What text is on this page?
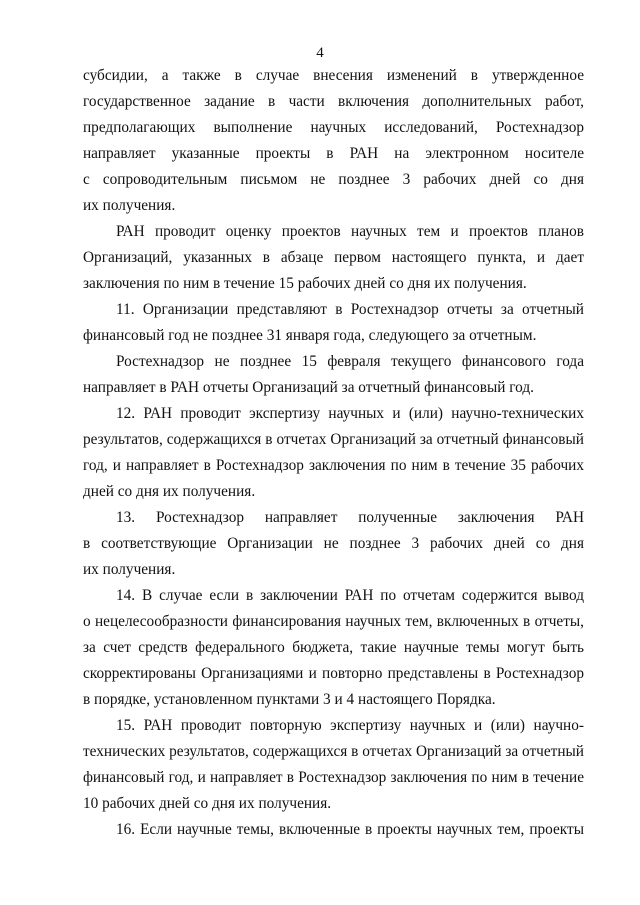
4

субсидии, а также в случае внесения изменений в утвержденное
государственное задание в части включения дополнительных работ,
предполагающих выполнение научных исследований, Ростехнадзор
направляет указанные проекты в РАН на электронном носителе
с сопроводительным письмом не позднее 3 рабочих дней со дня
их получения.

РАН проводит оценку проектов научных тем и проектов планов
Организаций, указанных в абзаце первом настоящего пункта, и дает
заключения по ним в течение 15 рабочих дней со дня их получения.

11. Организации представляют в Ростехнадзор отчеты за отчетный
финансовый год не позднее 31 января года, следующего за отчетным.

Ростехнадзор не позднее 15 февраля текущего финансового года
направляет в РАН отчеты Организаций за отчетный финансовый год.

12. РАН проводит экспертизу научных и (или) научно-технических
результатов, содержащихся в отчетах Организаций за отчетный финансовый
год, и направляет в Ростехнадзор заключения по ним в течение 35 рабочих
дней со дня их получения.

13. Ростехнадзор направляет полученные заключения РАН
в соответствующие Организации не позднее 3 рабочих дней со дня
их получения.

14. В случае если в заключении РАН по отчетам содержится вывод
о нецелесообразности финансирования научных тем, включенных в отчеты,
за счет средств федерального бюджета, такие научные темы могут быть
скорректированы Организациями и повторно представлены в Ростехнадзор
в порядке, установленном пунктами 3 и 4 настоящего Порядка.

15. РАН проводит повторную экспертизу научных и (или) научно-
технических результатов, содержащихся в отчетах Организаций за отчетный
финансовый год, и направляет в Ростехнадзор заключения по ним в течение
10 рабочих дней со дня их получения.

16. Если научные темы, включенные в проекты научных тем, проекты
